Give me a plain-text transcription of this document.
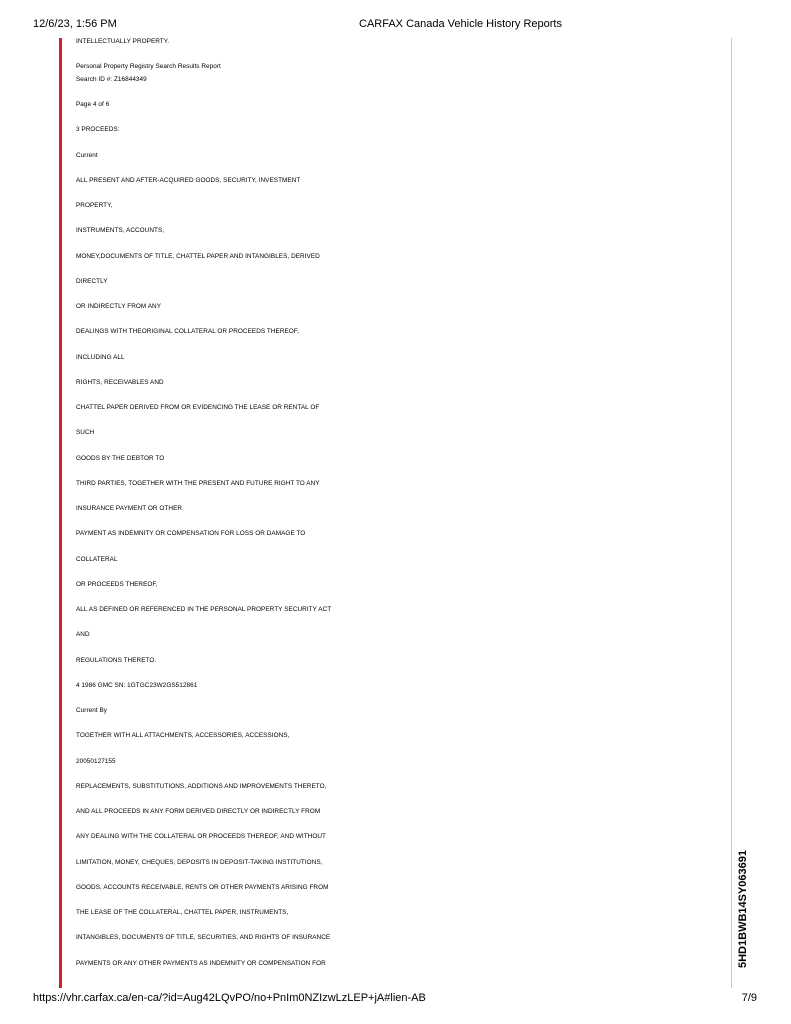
12/6/23, 1:56 PM	CARFAX Canada Vehicle History Reports
INTELLECTUALLY PROPERTY.
Personal Property Registry Search Results Report
Search ID #: Z16844349
Page 4 of 6
3 PROCEEDS:
Current
ALL PRESENT AND AFTER-ACQUIRED GOODS, SECURITY, INVESTMENT
PROPERTY,
INSTRUMENTS, ACCOUNTS,
MONEY,DOCUMENTS OF TITLE, CHATTEL PAPER AND INTANGIBLES, DERIVED
DIRECTLY
OR INDIRECTLY FROM ANY
DEALINGS WITH THEORIGINAL COLLATERAL OR PROCEEDS THEREOF,
INCLUDING ALL
RIGHTS, RECEIVABLES AND
CHATTEL PAPER DERIVED FROM OR EVIDENCING THE LEASE OR RENTAL OF
SUCH
GOODS BY THE DEBTOR TO
THIRD PARTIES, TOGETHER WITH THE PRESENT AND FUTURE RIGHT TO ANY
INSURANCE PAYMENT OR OTHER
PAYMENT AS INDEMNITY OR COMPENSATION FOR LOSS OR DAMAGE TO
COLLATERAL
OR PROCEEDS THEREOF,
ALL AS DEFINED OR REFERENCED IN THE PERSONAL PROPERTY SECURITY ACT
AND
REGULATIONS THERETO.
4 1986 GMC SN: 1GTGC23W2GS512861
Current By
TOGETHER WITH ALL ATTACHMENTS, ACCESSORIES, ACCESSIONS,
20050127155
REPLACEMENTS, SUBSTITUTIONS, ADDITIONS AND IMPROVEMENTS THERETO,
AND ALL PROCEEDS IN ANY FORM DERIVED DIRECTLY OR INDIRECTLY FROM
ANY DEALING WITH THE COLLATERAL OR PROCEEDS THEREOF, AND WITHOUT
LIMITATION, MONEY, CHEQUES, DEPOSITS IN DEPOSIT-TAKING INSTITUTIONS,
GOODS, ACCOUNTS RECEIVABLE, RENTS OR OTHER PAYMENTS ARISING FROM
THE LEASE OF THE COLLATERAL, CHATTEL PAPER, INSTRUMENTS,
INTANGIBLES, DOCUMENTS OF TITLE, SECURITIES, AND RIGHTS OF INSURANCE
PAYMENTS OR ANY OTHER PAYMENTS AS INDEMNITY OR COMPENSATION FOR	5HD1BWB14SY063691
https://vhr.carfax.ca/en-ca/?id=Aug42LQvPO/no+PnIm0NZIzwLzLEP+jA#lien-AB	7/9
